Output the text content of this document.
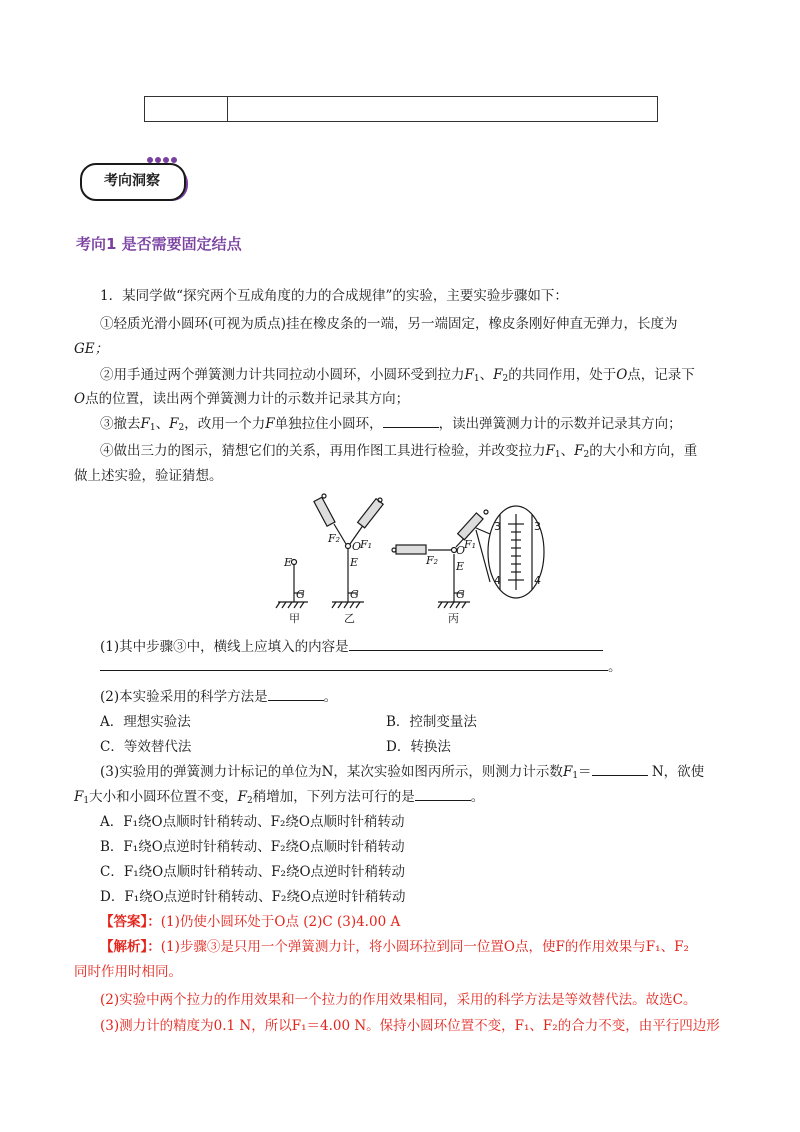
考向洞察
考向1 是否需要固定结点
1．某同学做“探究两个互成角度的力的合成规律”的实验，主要实验步骤如下：
①轻质光滑小圆环(可视为质点)挂在橡皮条的一端，另一端固定，橡皮条刚好伸直无弹力，长度为
GE；
②用手通过两个弹簧测力计共同拉动小圆环，小圆环受到拉力$F_1$、$F_2$的共同作用，处于O点，记录下
O点的位置，读出两个弹簧测力计的示数并记录其方向；
③撤去$F_1$、$F_2$，改用一个力F单独拉住小圆环，	，读出弹簧测力计的示数并记录其方向；
④做出三力的图示，猜想它们的关系，再用作图工具进行检验，并改变拉力$F_1$、$F_2$的大小和方向，重
做上述实验，验证猜想。
E
G
E
G
O
F₂ F₁
E
G
O
F₂
F₁
3	3
4	4
甲	乙	丙
(1)其中步骤③中，横线上应填入的内容是
。
(2)本实验采用的科学方法是	。
A．理想实验法	B．控制变量法
C．等效替代法	D．转换法
(3)实验用的弹簧测力计标记的单位为N，某次实验如图丙所示，则测力计示数$F_1=$	N，欲使
$F_1$大小和小圆环位置不变，$F_2$稍增加，下列方法可行的是	。
A．F₁绕O点顺时针稍转动、F₂绕O点顺时针稍转动
B．F₁绕O点逆时针稍转动、F₂绕O点顺时针稍转动
C．F₁绕O点顺时针稍转动、F₂绕O点逆时针稍转动
D．F₁绕O点逆时针稍转动、F₂绕O点逆时针稍转动
【答案】：(1)仍使小圆环处于O点 (2)C (3)4.00 A
【解析】：(1)步骤③是只用一个弹簧测力计，将小圆环拉到同一位置O点，使F的作用效果与F₁、F₂
同时作用时相同。
(2)实验中两个拉力的作用效果和一个拉力的作用效果相同，采用的科学方法是等效替代法。故选C。
(3)测力计的精度为0.1 N，所以F₁＝4.00 N。保持小圆环位置不变，F₁、F₂的合力不变，由平行四边形
